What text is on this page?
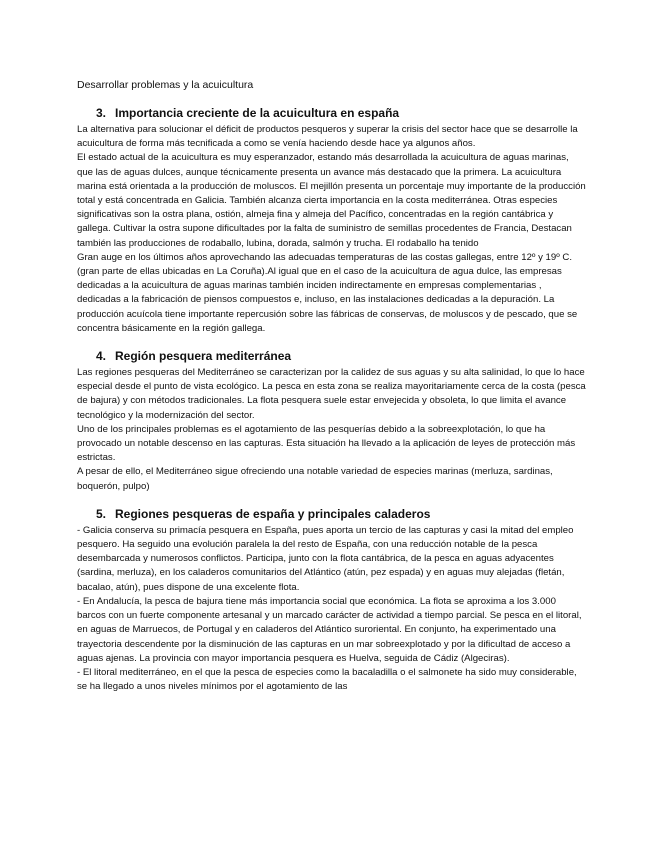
Desarrollar problemas y la acuicultura

3. Importancia creciente de la acuicultura en españa

La alternativa para solucionar el déficit de productos pesqueros y superar la crisis del sector hace que se desarrolle la acuicultura de forma más tecnificada a como se venía haciendo desde hace ya algunos años.

El estado actual de la acuicultura es muy esperanzador, estando más desarrollada la acuicultura de aguas marinas, que las de aguas dulces, aunque técnicamente presenta un avance más destacado que la primera. La acuicultura marina está orientada a la producción de moluscos. El mejillón presenta un porcentaje muy importante de la producción total y está concentrada en Galicia. También alcanza cierta importancia en la costa mediterránea. Otras especies significativas son la ostra plana, ostión, almeja fina y almeja del Pacífico, concentradas en la región cantábrica y gallega. Cultivar la ostra supone dificultades por la falta de suministro de semillas procedentes de Francia, Destacan también las producciones de rodaballo, lubina, dorada, salmón y trucha. El rodaballo ha tenido

Gran auge en los últimos años aprovechando las adecuadas temperaturas de las costas gallegas, entre 12º y 19º C. (gran parte de ellas ubicadas en La Coruña).Al igual que en el caso de la acuicultura de agua dulce, las empresas dedicadas a la acuicultura de aguas marinas también inciden indirectamente en empresas complementarias , dedicadas a la fabricación de piensos compuestos e, incluso, en las instalaciones dedicadas a la depuración. La producción acuícola tiene importante repercusión sobre las fábricas de conservas, de moluscos y de pescado, que se concentra básicamente en la región gallega.

4. Región pesquera mediterránea

Las regiones pesqueras del Mediterráneo se caracterizan por la calidez de sus aguas y su alta salinidad, lo que lo hace especial desde el punto de vista ecológico. La pesca en esta zona se realiza mayoritariamente cerca de la costa (pesca de bajura) y con métodos tradicionales. La flota pesquera suele estar envejecida y obsoleta, lo que limita el avance tecnológico y la modernización del sector.

Uno de los principales problemas es el agotamiento de las pesquerías debido a la sobreexplotación, lo que ha provocado un notable descenso en las capturas. Esta situación ha llevado a la aplicación de leyes de protección más estrictas.

A pesar de ello, el Mediterráneo sigue ofreciendo una notable variedad de especies marinas (merluza, sardinas, boquerón, pulpo)

5. Regiones pesqueras de españa y principales caladeros

- Galicia conserva su primacía pesquera en España, pues aporta un tercio de las capturas y casi la mitad del empleo pesquero. Ha seguido una evolución paralela la del resto de España, con una reducción notable de la pesca desembarcada y numerosos conflictos. Participa, junto con la flota cantábrica, de la pesca en aguas adyacentes (sardina, merluza), en los caladeros comunitarios del Atlántico (atún, pez espada) y en aguas muy alejadas (fletán, bacalao, atún), pues dispone de una excelente flota.

- En Andalucía, la pesca de bajura tiene más importancia social que económica. La flota se aproxima a los 3.000 barcos con un fuerte componente artesanal y un marcado carácter de actividad a tiempo parcial. Se pesca en el litoral, en aguas de Marruecos, de Portugal y en caladeros del Atlántico suroriental. En conjunto, ha experimentado una trayectoria descendente por la disminución de las capturas en un mar sobreexplotado y por la dificultad de acceso a aguas ajenas. La provincia con mayor importancia pesquera es Huelva, seguida de Cádiz (Algeciras).

- El litoral mediterráneo, en el que la pesca de especies como la bacaladilla o el salmonete ha sido muy considerable, se ha llegado a unos niveles mínimos por el agotamiento de las
